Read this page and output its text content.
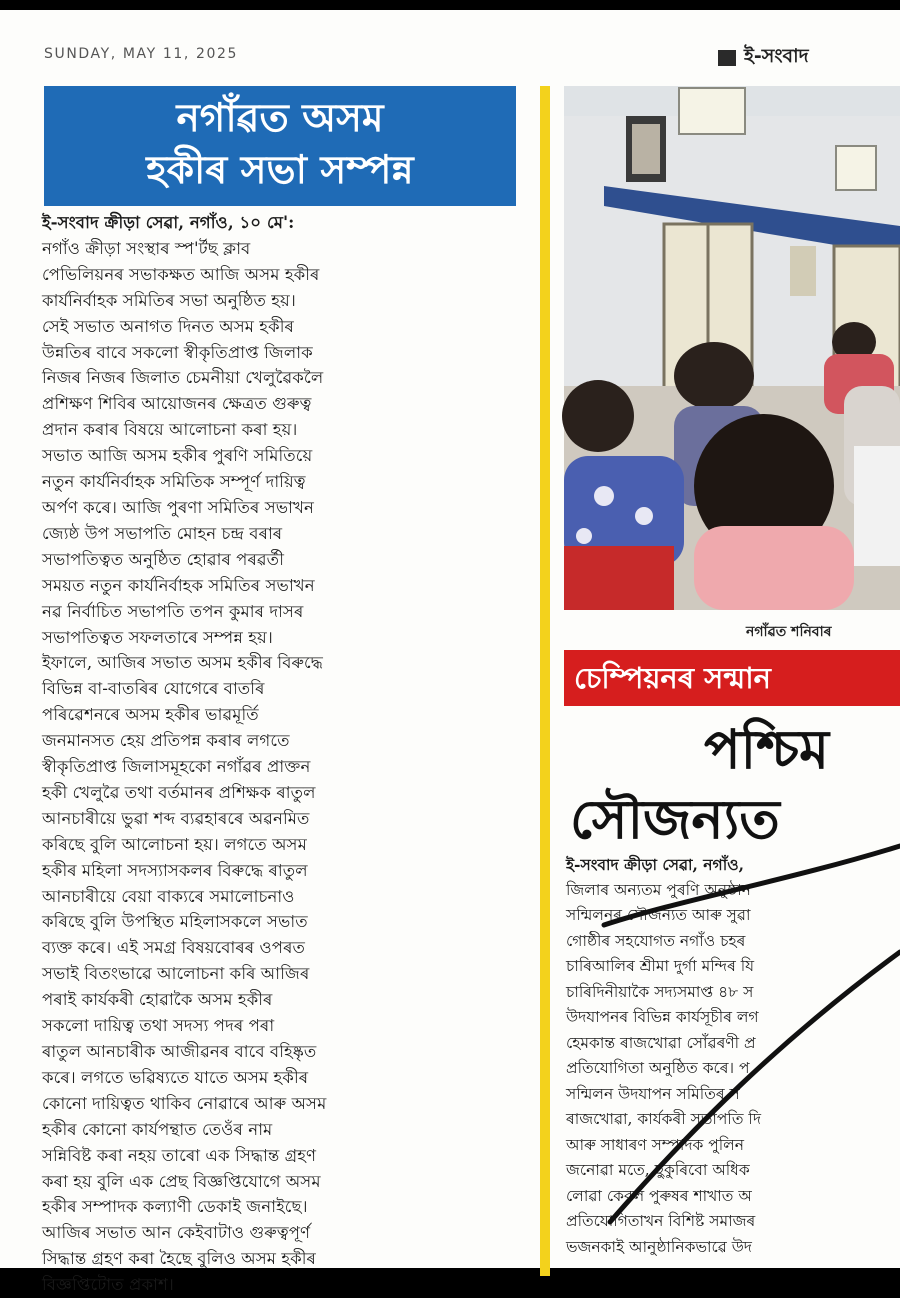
SUNDAY, MAY 11, 2025	ই-সংবাদ
নগাঁৱত অসম
হকীৰ সভা সম্পন্ন
ই-সংবাদ ক্ৰীড়া সেৱা, নগাঁও, ১০ মে':
নগাঁও ক্ৰীড়া সংস্থাৰ স্প'ৰ্টছ ক্লাব
পেভিলিয়নৰ সভাকক্ষত আজি অসম হকীৰ
কাৰ্যনিৰ্বাহক সমিতিৰ সভা অনুষ্ঠিত হয়।
সেই সভাত অনাগত দিনত অসম হকীৰ
উন্নতিৰ বাবে সকলো স্বীকৃতিপ্ৰাপ্ত জিলাক
নিজৰ নিজৰ জিলাত চেমনীয়া খেলুৱৈকলৈ
প্ৰশিক্ষণ শিবিৰ আয়োজনৰ ক্ষেত্ৰত গুৰুত্ব
প্ৰদান কৰাৰ বিষয়ে আলোচনা কৰা হয়।
সভাত আজি অসম হকীৰ পুৰণি সমিতিয়ে
নতুন কাৰ্যনিৰ্বাহক সমিতিক সম্পূৰ্ণ দায়িত্ব
অৰ্পণ কৰে। আজি পুৰণা সমিতিৰ সভাখন
জ্যেষ্ঠ উপ সভাপতি মোহন চন্দ্ৰ বৰাৰ
সভাপতিত্বত অনুষ্ঠিত হোৱাৰ পৰৱৰ্তী
সময়ত নতুন কাৰ্যনিৰ্বাহক সমিতিৰ সভাখন
নৱ নিৰ্বাচিত সভাপতি তপন কুমাৰ দাসৰ
সভাপতিত্বত সফলতাৰে সম্পন্ন হয়।
ইফালে, আজিৰ সভাত অসম হকীৰ বিৰুদ্ধে
বিভিন্ন বা-বাতৰিৰ যোগেৰে বাতৰি
পৰিৱেশনৰে অসম হকীৰ ভাৱমূৰ্তি
জনমানসত হেয় প্ৰতিপন্ন কৰাৰ লগতে
স্বীকৃতিপ্ৰাপ্ত জিলাসমূহকো নগাঁৱৰ প্ৰাক্তন
হকী খেলুৱৈ তথা বৰ্তমানৰ প্ৰশিক্ষক ৰাতুল
আনচাৰীয়ে ভুৱা শব্দ ব্যৱহাৰৰে অৱনমিত
কৰিছে বুলি আলোচনা হয়। লগতে অসম
হকীৰ মহিলা সদস্যাসকলৰ বিৰুদ্ধে ৰাতুল
আনচাৰীয়ে বেয়া বাক্যৰে সমালোচনাও
কৰিছে বুলি উপস্থিত মহিলাসকলে সভাত
ব্যক্ত কৰে। এই সমগ্ৰ বিষয়বোৰৰ ওপৰত
সভাই বিতংভাৱে আলোচনা কৰি আজিৰ
পৰাই কাৰ্যকৰী হোৱাকৈ অসম হকীৰ
সকলো দায়িত্ব তথা সদস্য পদৰ পৰা
ৰাতুল আনচাৰীক আজীৱনৰ বাবে বহিষ্কৃত
কৰে। লগতে ভৱিষ্যতে যাতে অসম হকীৰ
কোনো দায়িত্বত থাকিব নোৱাৰে আৰু অসম
হকীৰ কোনো কাৰ্যপন্থাত তেওঁৰ নাম
সন্নিবিষ্ট কৰা নহয় তাৰো এক সিদ্ধান্ত গ্ৰহণ
কৰা হয় বুলি এক প্ৰেছ বিজ্ঞপ্তিযোগে অসম
হকীৰ সম্পাদক কল্যাণী ডেকাই জনাইছে।
আজিৰ সভাত আন কেইবাটাও গুৰুত্বপূৰ্ণ
সিদ্ধান্ত গ্ৰহণ কৰা হৈছে বুলিও অসম হকীৰ
বিজ্ঞপ্তিটোত প্ৰকাশ।
নগাঁৱত শনিবাৰ
চেম্পিয়নৰ সন্মান
পশ্চিম
সৌজন্যত
ই-সংবাদ ক্ৰীড়া সেৱা, নগাঁও,
জিলাৰ অন্যতম পুৰণি অনুষ্ঠান
সন্মিলনৰ সৌজন্যত আৰু সুৱা
গোষ্ঠীৰ সহযোগত নগাঁও চহৰ
চাৰিআলিৰ শ্ৰীমা দুৰ্গা মন্দিৰ যি
চাৰিদিনীয়াকৈ সদ্যসমাপ্ত ৪৮ স
উদযাপনৰ বিভিন্ন কাৰ্যসূচীৰ লগ
হেমকান্ত ৰাজখোৱা সোঁৱৰণী প্ৰ
প্ৰতিযোগিতা অনুষ্ঠিত কৰে। প
সন্মিলন উদযাপন সমিতিৰ স
ৰাজখোৱা, কাৰ্যকৰী সভাপতি দি
আৰু সাধাৰণ সম্পাদক পুলিন
জনোৱা মতে, ছুকুৰিবো অধিক
লোৱা কেবল পুৰুষৰ শাখাত অ
প্ৰতিযোগিতাখন বিশিষ্ট সমাজৰ
ভজনকাই আনুষ্ঠানিকভাৱে উদ
